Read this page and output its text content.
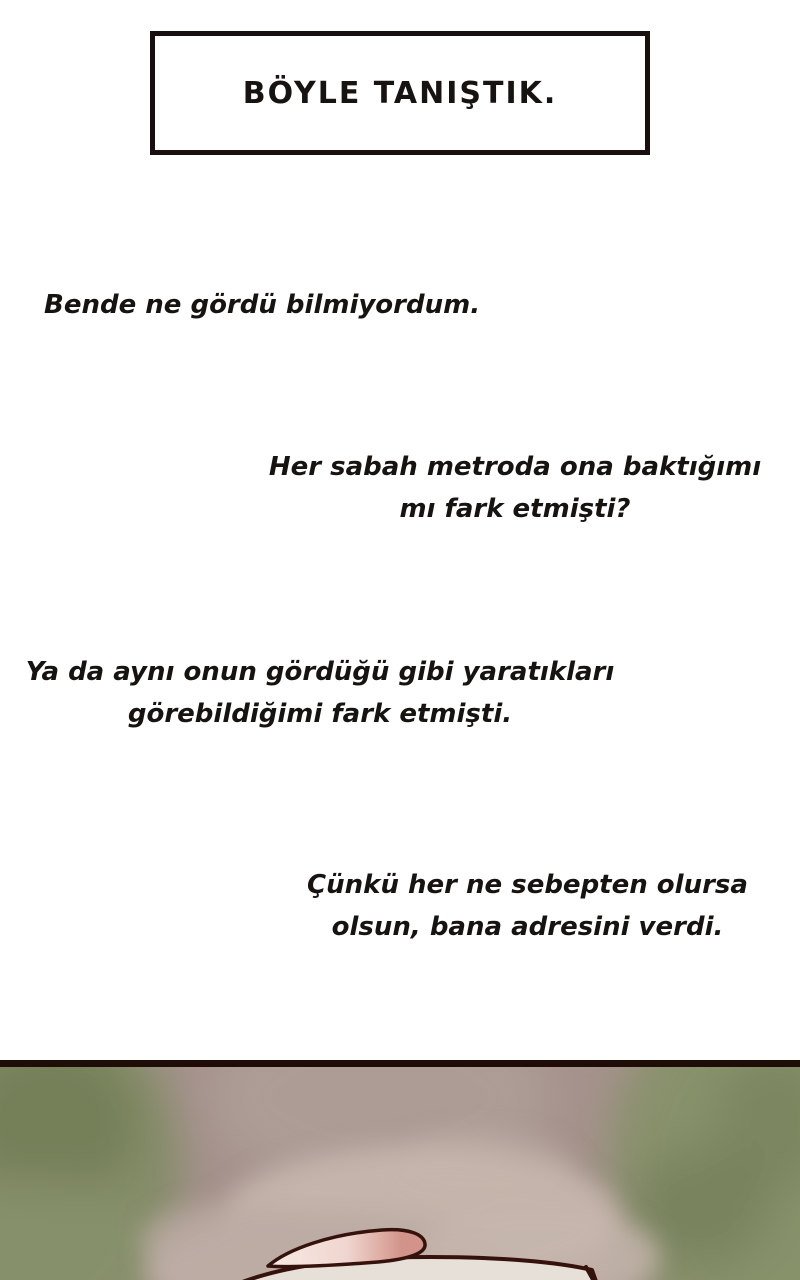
BÖYLE TANIŞTIK.

Bende ne gördü bilmiyordum.

Her sabah metroda ona baktığımı
mı fark etmişti?

Ya da aynı onun gördüğü gibi yaratıkları
görebildiğimi fark etmişti.

Çünkü her ne sebepten olursa
olsun, bana adresini verdi.
